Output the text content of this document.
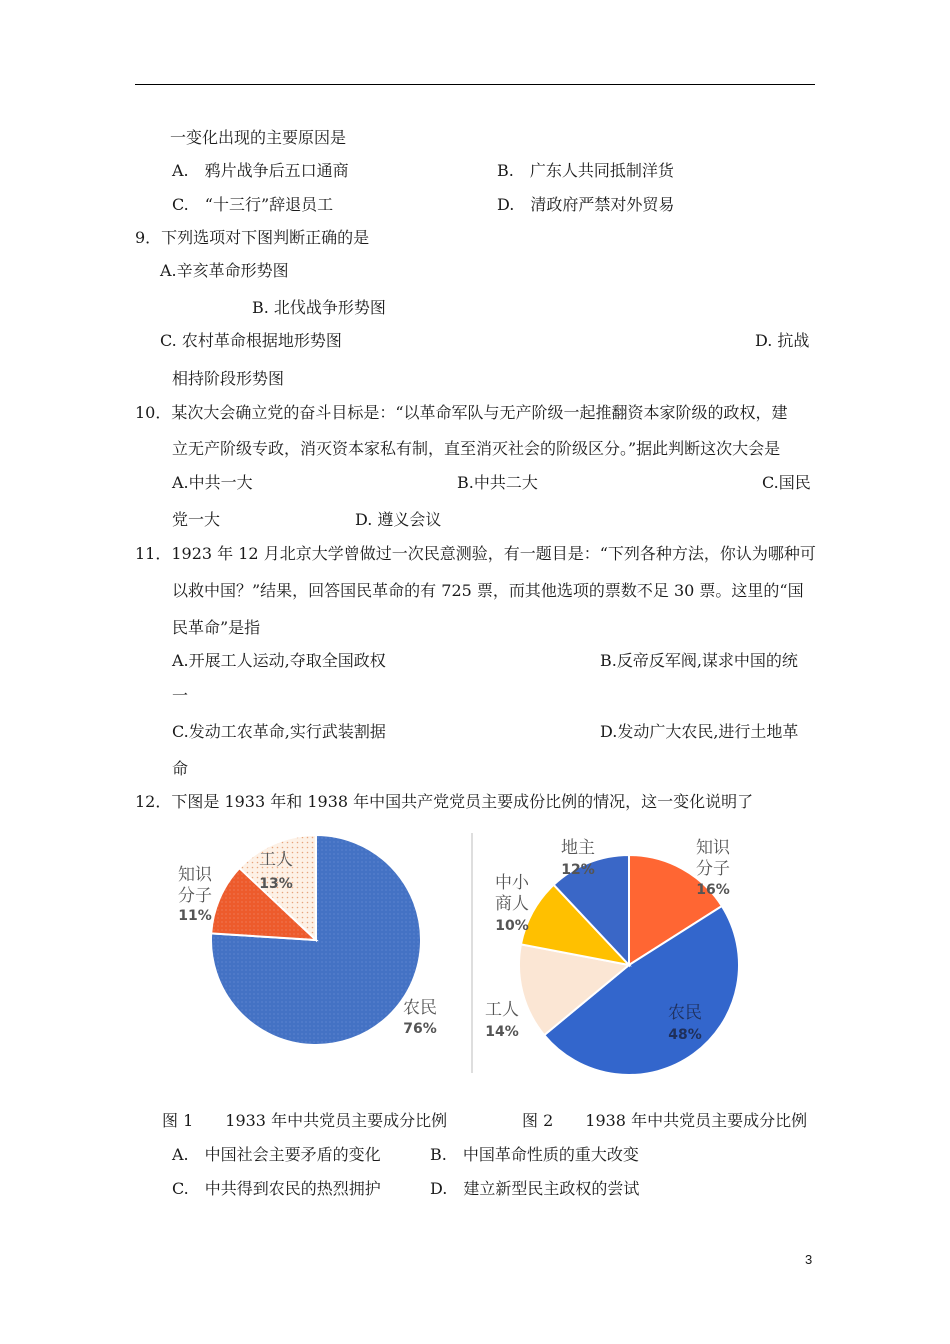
一变化出现的主要原因是
A.　鸦片战争后五口通商	B.　广东人共同抵制洋货
C.　“十三行”辞退员工	D.　清政府严禁对外贸易
9．下列选项对下图判断正确的是
A.辛亥革命形势图
B. 北伐战争形势图
C. 农村革命根据地形势图	D. 抗战
相持阶段形势图
10．某次大会确立党的奋斗目标是：“以革命军队与无产阶级一起推翻资本家阶级的政权，建
立无产阶级专政，消灭资本家私有制，直至消灭社会的阶级区分。”据此判断这次大会是
A.中共一大	B.中共二大	C.国民
党一大	D. 遵义会议
11．1923 年 12 月北京大学曾做过一次民意测验，有一题目是：“下列各种方法，你认为哪种可
以救中国？”结果，回答国民革命的有 725 票，而其他选项的票数不足 30 票。这里的“国
民革命”是指
A.开展工人运动,夺取全国政权	B.反帝反军阀,谋求中国的统
一
C.发动工农革命,实行武装割据	D.发动广大农民,进行土地革
命
12．下图是 1933 年和 1938 年中国共产党党员主要成份比例的情况，这一变化说明了
农民
76%
知识
分子
11%
工人
13%
知识
分子
16%
农民
48%
工人
14%
中小
商人
10%
地主
12%
图 1　　1933 年中共党员主要成分比例	图 2　　1938 年中共党员主要成分比例
A.　中国社会主要矛盾的变化	B.　中国革命性质的重大改变
C.　中共得到农民的热烈拥护	D.　建立新型民主政权的尝试
3
